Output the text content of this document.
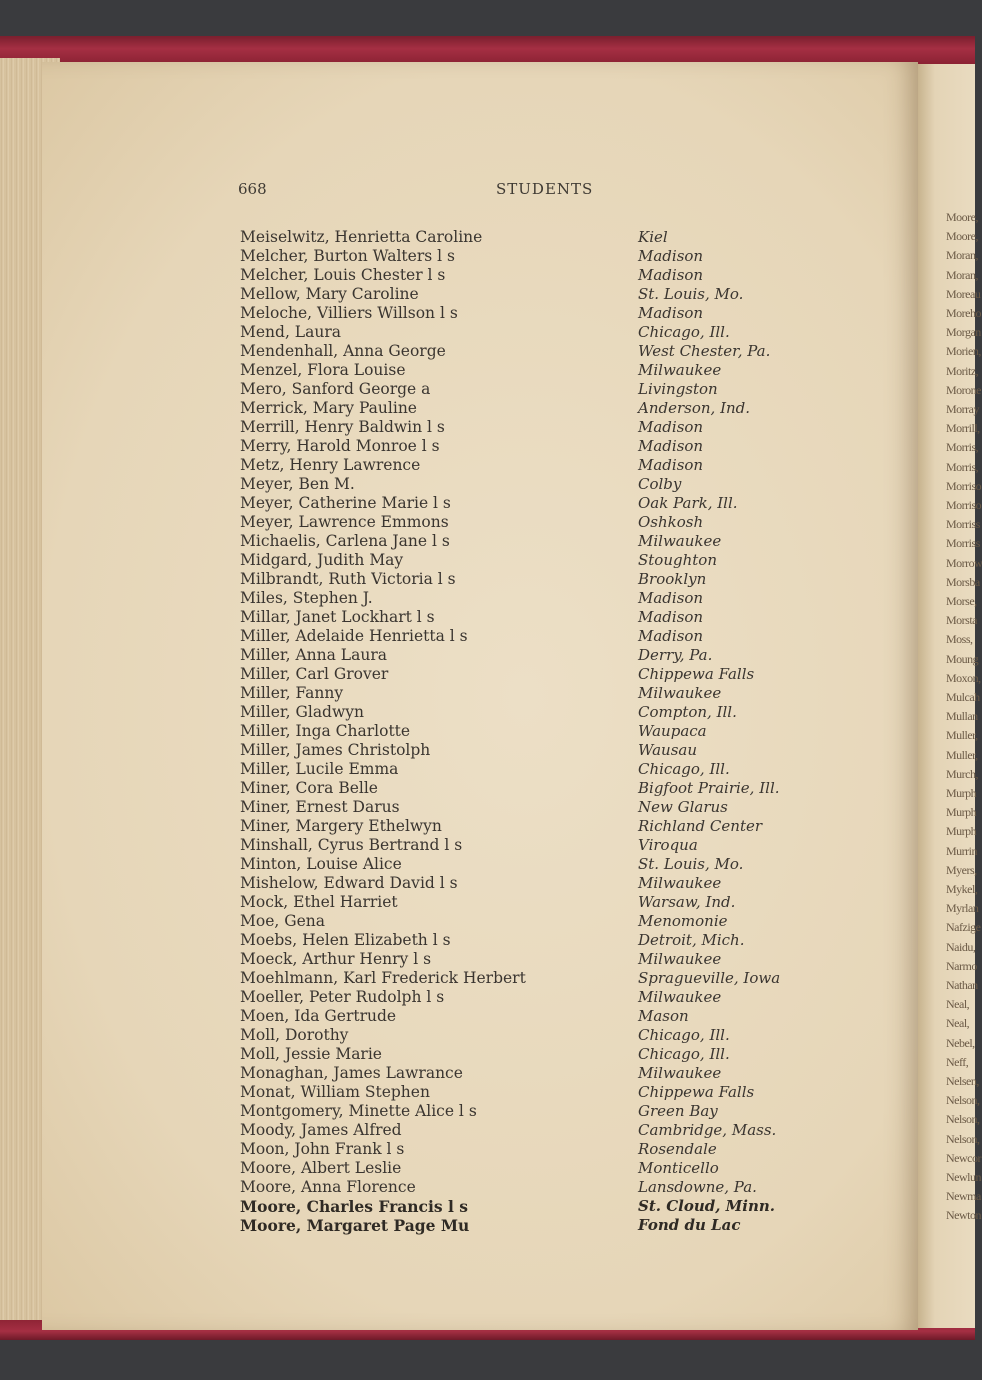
Moore,
Moore,
Moran,
Moran,
Moreau
Moreho
Morgan
Morien,
Moritz,
Morone
Morray
Morrill,
Morris,
Morris,
Morriso
Morriso
Morriss
Morriss
Morrow
Morsba
Morse,
Morsta
Moss,
Moung
Moxon,
Mulcah
Mullan
Muller,
Muller,
Murch,
Murph
Murph
Murph
Murrin
Myers,
Mykel,
Myrlan
Nafzige
Naidu,
Narmo
Nathan
Neal,
Neal,
Nebel,
Neff,
Nelsen,
Nelson,
Nelson,
Nelson,
Newcor
Newlun
Newma
Newton
668	STUDENTS
Meiselwitz, Henrietta Caroline	Kiel
Melcher, Burton Walters l s	Madison
Melcher, Louis Chester l s	Madison
Mellow, Mary Caroline	St. Louis, Mo.
Meloche, Villiers Willson l s	Madison
Mend, Laura	Chicago, Ill.
Mendenhall, Anna George	West Chester, Pa.
Menzel, Flora Louise	Milwaukee
Mero, Sanford George a	Livingston
Merrick, Mary Pauline	Anderson, Ind.
Merrill, Henry Baldwin l s	Madison
Merry, Harold Monroe l s	Madison
Metz, Henry Lawrence	Madison
Meyer, Ben M.	Colby
Meyer, Catherine Marie l s	Oak Park, Ill.
Meyer, Lawrence Emmons	Oshkosh
Michaelis, Carlena Jane l s	Milwaukee
Midgard, Judith May	Stoughton
Milbrandt, Ruth Victoria l s	Brooklyn
Miles, Stephen J.	Madison
Millar, Janet Lockhart l s	Madison
Miller, Adelaide Henrietta l s	Madison
Miller, Anna Laura	Derry, Pa.
Miller, Carl Grover	Chippewa Falls
Miller, Fanny	Milwaukee
Miller, Gladwyn	Compton, Ill.
Miller, Inga Charlotte	Waupaca
Miller, James Christolph	Wausau
Miller, Lucile Emma	Chicago, Ill.
Miner, Cora Belle	Bigfoot Prairie, Ill.
Miner, Ernest Darus	New Glarus
Miner, Margery Ethelwyn	Richland Center
Minshall, Cyrus Bertrand l s	Viroqua
Minton, Louise Alice	St. Louis, Mo.
Mishelow, Edward David l s	Milwaukee
Mock, Ethel Harriet	Warsaw, Ind.
Moe, Gena	Menomonie
Moebs, Helen Elizabeth l s	Detroit, Mich.
Moeck, Arthur Henry l s	Milwaukee
Moehlmann, Karl Frederick Herbert	Spragueville, Iowa
Moeller, Peter Rudolph l s	Milwaukee
Moen, Ida Gertrude	Mason
Moll, Dorothy	Chicago, Ill.
Moll, Jessie Marie	Chicago, Ill.
Monaghan, James Lawrance	Milwaukee
Monat, William Stephen	Chippewa Falls
Montgomery, Minette Alice l s	Green Bay
Moody, James Alfred	Cambridge, Mass.
Moon, John Frank l s	Rosendale
Moore, Albert Leslie	Monticello
Moore, Anna Florence	Lansdowne, Pa.
Moore, Charles Francis l s	St. Cloud, Minn.
Moore, Margaret Page Mu	Fond du Lac
